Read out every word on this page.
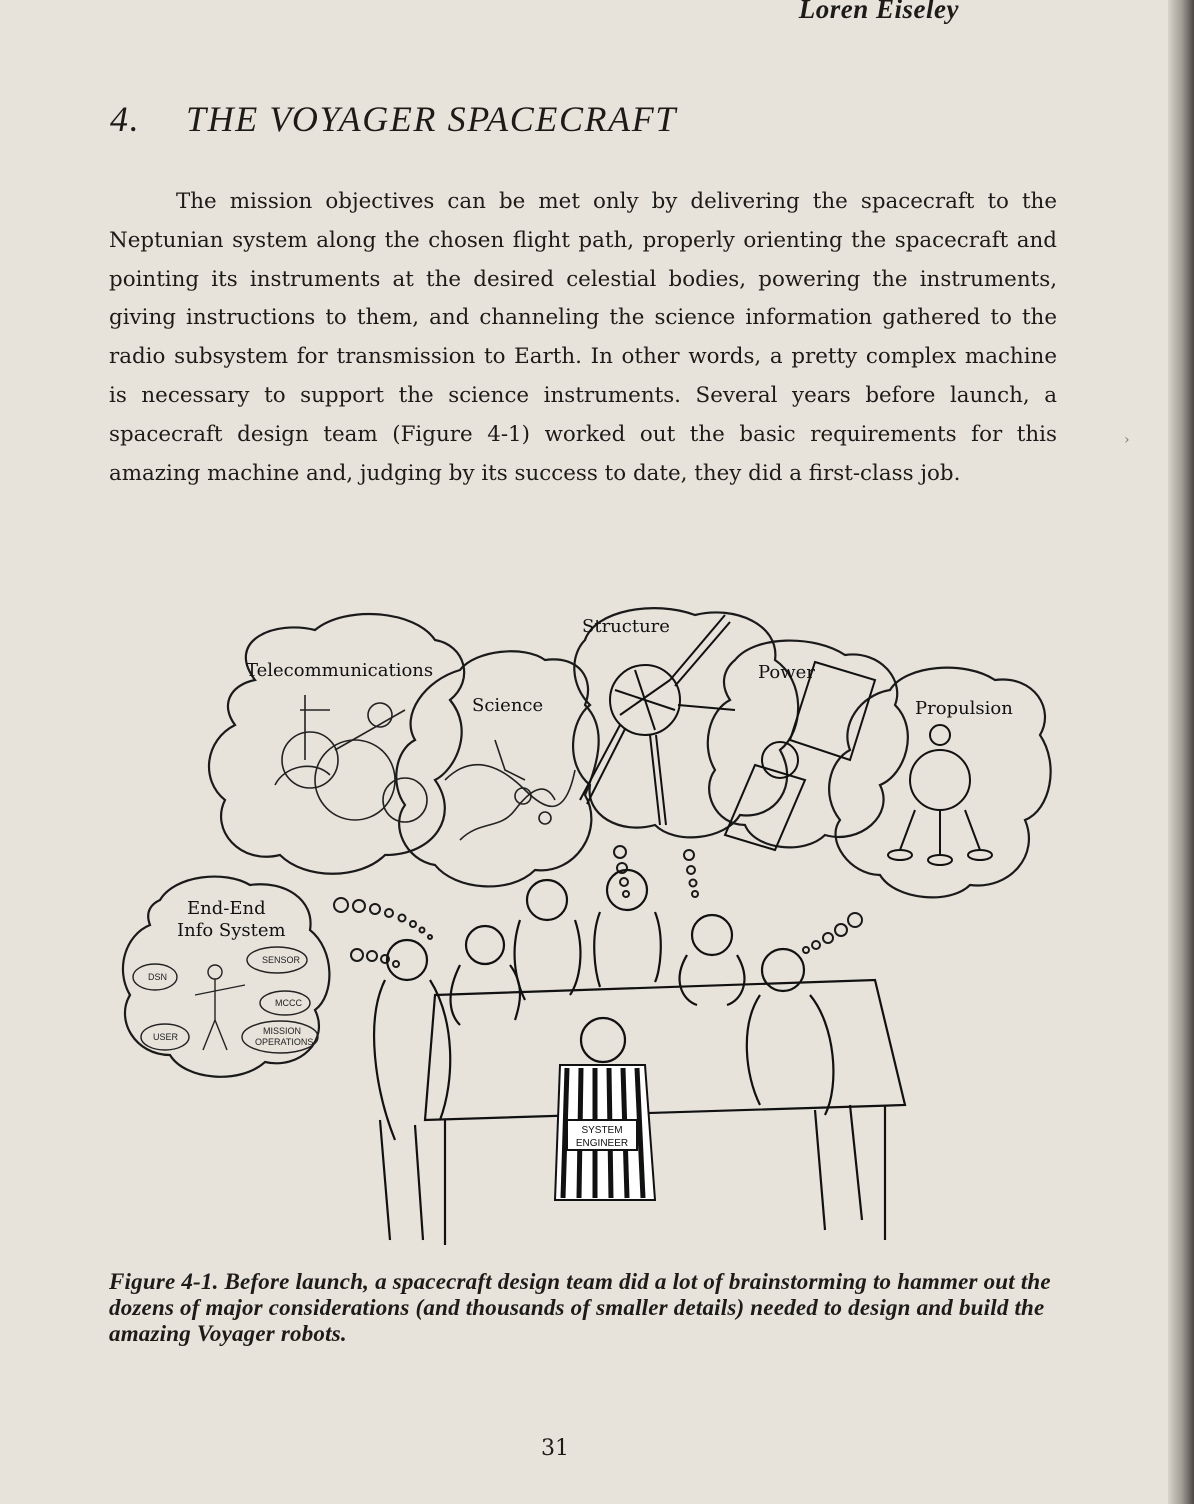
Loren Eiseley
4. THE VOYAGER SPACECRAFT

The mission objectives can be met only by delivering the spacecraft to the Neptunian system along the chosen flight path, properly orienting the spacecraft and pointing its instruments at the desired celestial bodies, powering the instruments, giving instructions to them, and channeling the science information gathered to the radio subsystem for transmission to Earth. In other words, a pretty complex machine is necessary to support the science instruments. Several years before launch, a spacecraft design team (Figure 4-1) worked out the basic requirements for this amazing machine and, judging by its success to date, they did a first-class job.

›
Telecommunications
Science
Structure
Power
Propulsion
End-End
Info System
DSN
SENSOR
MCCC
USER
MISSION
OPERATIONS
SYSTEM
ENGINEER

Figure 4-1. Before launch, a spacecraft design team did a lot of brainstorming to hammer out the dozens of major considerations (and thousands of smaller details) needed to design and build the amazing Voyager robots.

31
